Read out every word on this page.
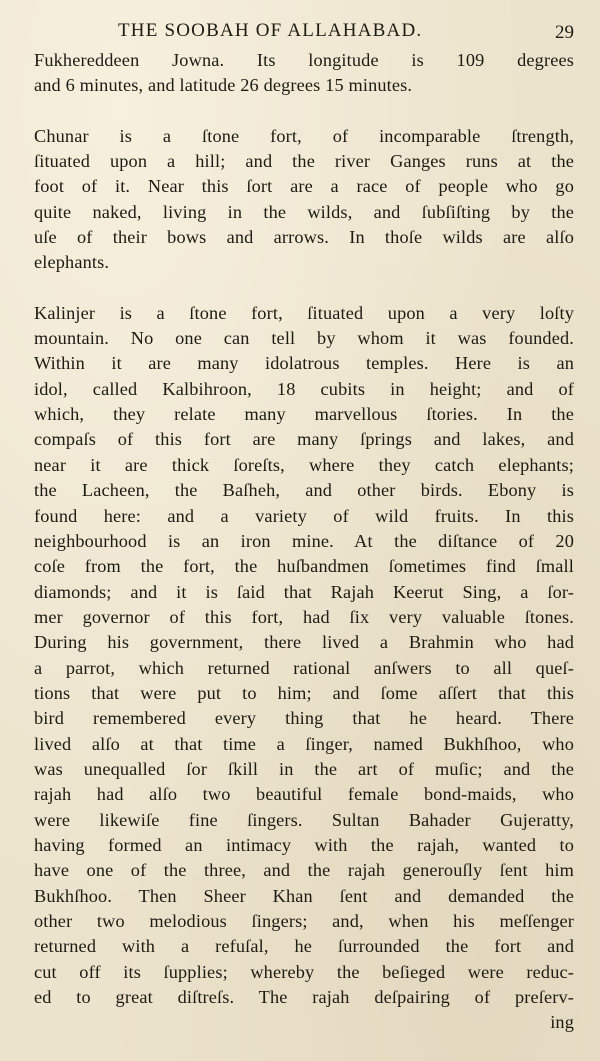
THE SOOBAH OF ALLAHABAD.	29
Fukhereddeen Jowna. Its longitude is 109 degrees
and 6 minutes, and latitude 26 degrees 15 minutes.
Chunar is a ſtone fort, of incomparable ſtrength,
ſituated upon a hill; and the river Ganges runs at the
foot of it. Near this ſort are a race of people who go
quite naked, living in the wilds, and ſubſiſting by the
uſe of their bows and arrows. In thoſe wilds are alſo
elephants.
Kalinjer is a ſtone fort, ſituated upon a very loſty
mountain. No one can tell by whom it was founded.
Within it are many idolatrous temples. Here is an
idol, called Kalbihroon, 18 cubits in height; and of
which, they relate many marvellous ſtories. In the
compaſs of this fort are many ſprings and lakes, and
near it are thick ſoreſts, where they catch elephants;
the Lacheen, the Baſheh, and other birds. Ebony is
found here: and a variety of wild fruits. In this
neighbourhood is an iron mine. At the diſtance of 20
coſe from the fort, the huſbandmen ſometimes find ſmall
diamonds; and it is ſaid that Rajah Keerut Sing, a ſor-
mer governor of this fort, had ſix very valuable ſtones.
During his government, there lived a Brahmin who had
a parrot, which returned rational anſwers to all queſ-
tions that were put to him; and ſome aſſert that this
bird remembered every thing that he heard. There
lived alſo at that time a ſinger, named Bukhſhoo, who
was unequalled ſor ſkill in the art of muſic; and the
rajah had alſo two beautiful female bond-maids, who
were likewiſe fine ſingers. Sultan Bahader Gujeratty,
having formed an intimacy with the rajah, wanted to
have one of the three, and the rajah generouſly ſent him
Bukhſhoo. Then Sheer Khan ſent and demanded the
other two melodious ſingers; and, when his meſſenger
returned with a refuſal, he ſurrounded the fort and
cut off its ſupplies; whereby the beſieged were reduc-
ed to great diſtreſs. The rajah deſpairing of preſerv-
ing
